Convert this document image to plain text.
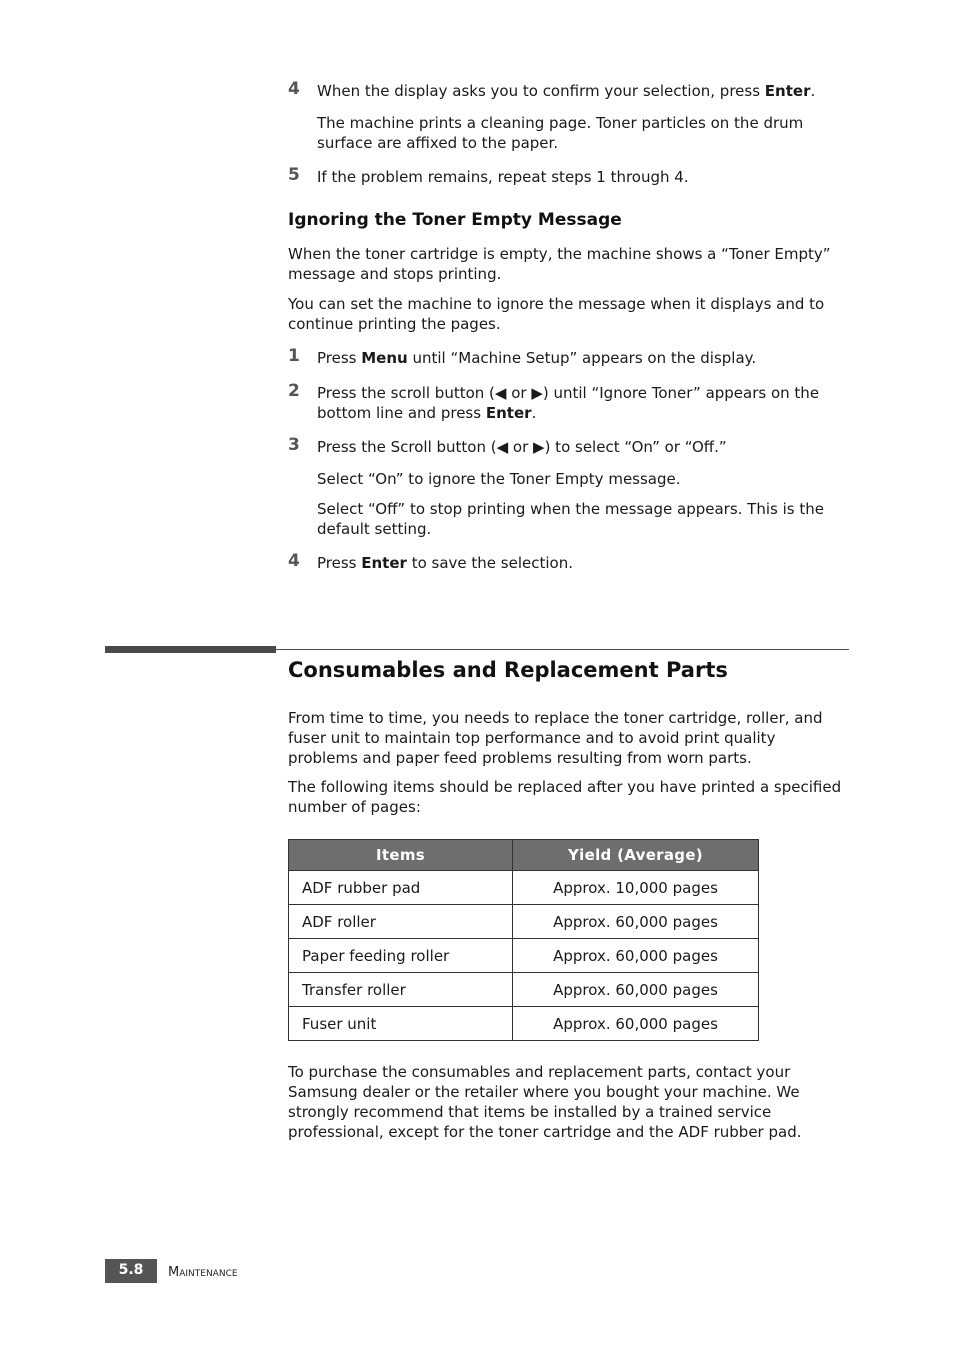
4 When the display asks you to confirm your selection, press Enter.
The machine prints a cleaning page. Toner particles on the drum surface are affixed to the paper.
5 If the problem remains, repeat steps 1 through 4.
Ignoring the Toner Empty Message
When the toner cartridge is empty, the machine shows a “Toner Empty” message and stops printing.
You can set the machine to ignore the message when it displays and to continue printing the pages.
1 Press Menu until “Machine Setup” appears on the display.
2 Press the scroll button (◀ or ▶) until “Ignore Toner” appears on the bottom line and press Enter.
3 Press the Scroll button (◀ or ▶) to select “On” or “Off.”
Select “On” to ignore the Toner Empty message.
Select “Off” to stop printing when the message appears. This is the default setting.
4 Press Enter to save the selection.
Consumables and Replacement Parts
From time to time, you needs to replace the toner cartridge, roller, and fuser unit to maintain top performance and to avoid print quality problems and paper feed problems resulting from worn parts.
The following items should be replaced after you have printed a specified number of pages:
Items	Yield (Average)
ADF rubber pad	Approx. 10,000 pages
ADF roller	Approx. 60,000 pages
Paper feeding roller	Approx. 60,000 pages
Transfer roller	Approx. 60,000 pages
Fuser unit	Approx. 60,000 pages
To purchase the consumables and replacement parts, contact your Samsung dealer or the retailer where you bought your machine. We strongly recommend that items be installed by a trained service professional, except for the toner cartridge and the ADF rubber pad.
5.8	Maintenance
